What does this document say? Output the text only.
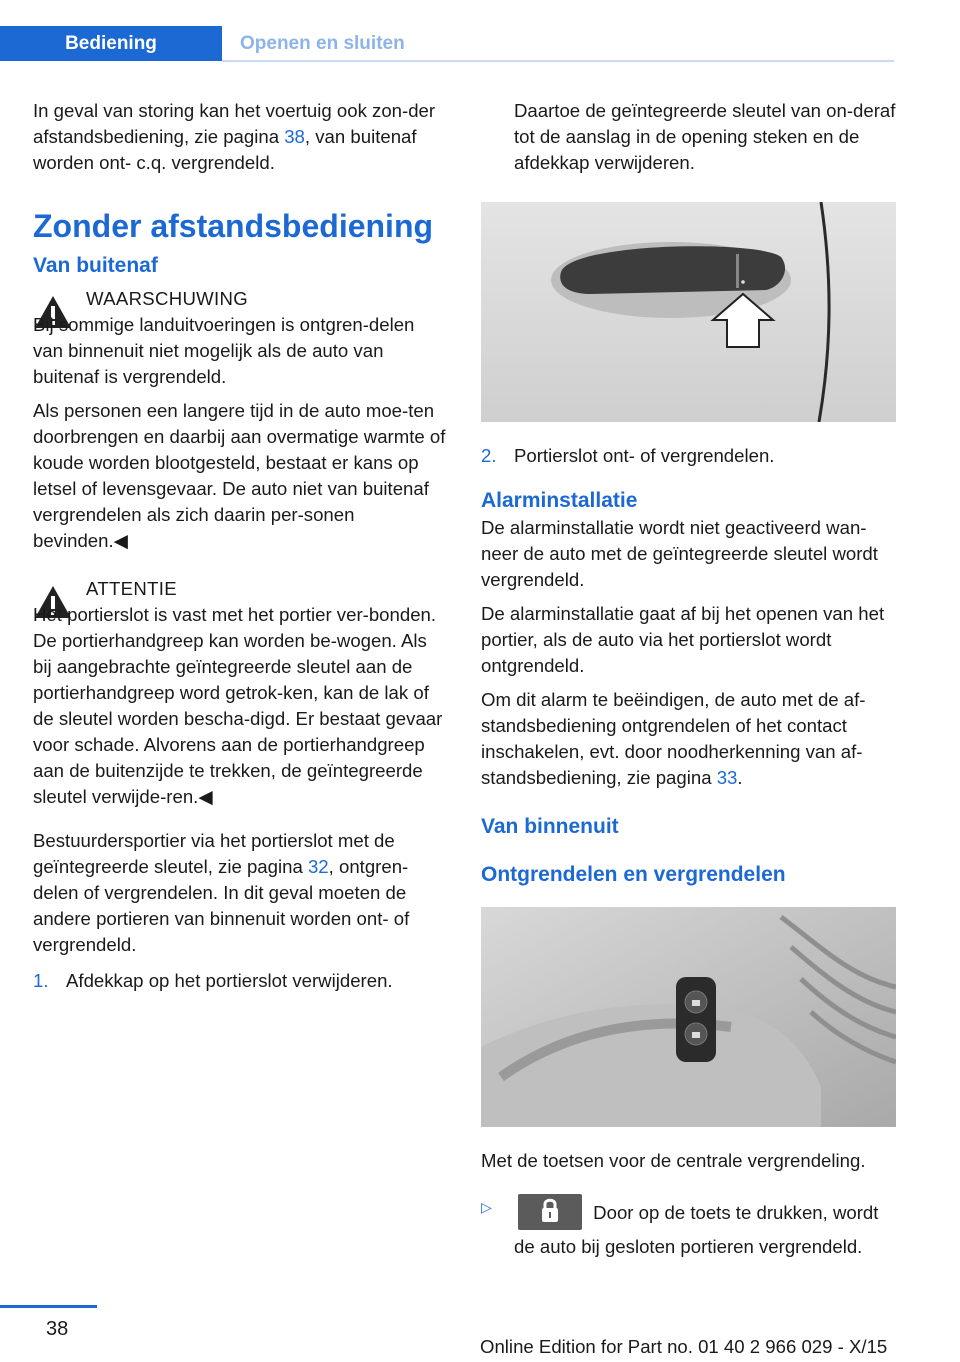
Bediening	Openen en sluiten

In geval van storing kan het voertuig ook zon-der afstandsbediening, zie pagina 38, van buitenaf worden ont- c.q. vergrendeld.

Zonder afstandsbediening
Van buitenaf
WAARSCHUWING

Bij sommige landuitvoeringen is ontgren-delen van binnenuit niet mogelijk als de auto van buitenaf is vergrendeld.

Als personen een langere tijd in de auto moe-ten doorbrengen en daarbij aan overmatige warmte of koude worden blootgesteld, bestaat er kans op letsel of levensgevaar. De auto niet van buitenaf vergrendelen als zich daarin per-sonen bevinden.◀

ATTENTIE

Het portierslot is vast met het portier ver-bonden. De portierhandgreep kan worden be-wogen. Als bij aangebrachte geïntegreerde sleutel aan de portierhandgreep word getrok-ken, kan de lak of de sleutel worden bescha-digd. Er bestaat gevaar voor schade. Alvorens aan de portierhandgreep aan de buitenzijde te trekken, de geïntegreerde sleutel verwijde-ren.◀

Bestuurdersportier via het portierslot met de geïntegreerde sleutel, zie pagina 32, ontgren-delen of vergrendelen. In dit geval moeten de andere portieren van binnenuit worden ont- of vergrendeld.

1. Afdekkap op het portierslot verwijderen.

Daartoe de geïntegreerde sleutel van on-deraf tot de aanslag in de opening steken en de afdekkap verwijderen.

2. Portierslot ont- of vergrendelen.
Alarminstallatie

De alarminstallatie wordt niet geactiveerd wan-neer de auto met de geïntegreerde sleutel wordt vergrendeld.

De alarminstallatie gaat af bij het openen van het portier, als de auto via het portierslot wordt ontgrendeld.

Om dit alarm te beëindigen, de auto met de af-standsbediening ontgrendelen of het contact inschakelen, evt. door noodherkenning van af-standsbediening, zie pagina 33.

Van binnenuit
Ontgrendelen en vergrendelen

Met de toetsen voor de centrale vergrendeling.

▷	Door op de toets te drukken, wordt de auto bij gesloten portieren vergrendeld.
38
Online Edition for Part no. 01 40 2 966 029 - X/15
